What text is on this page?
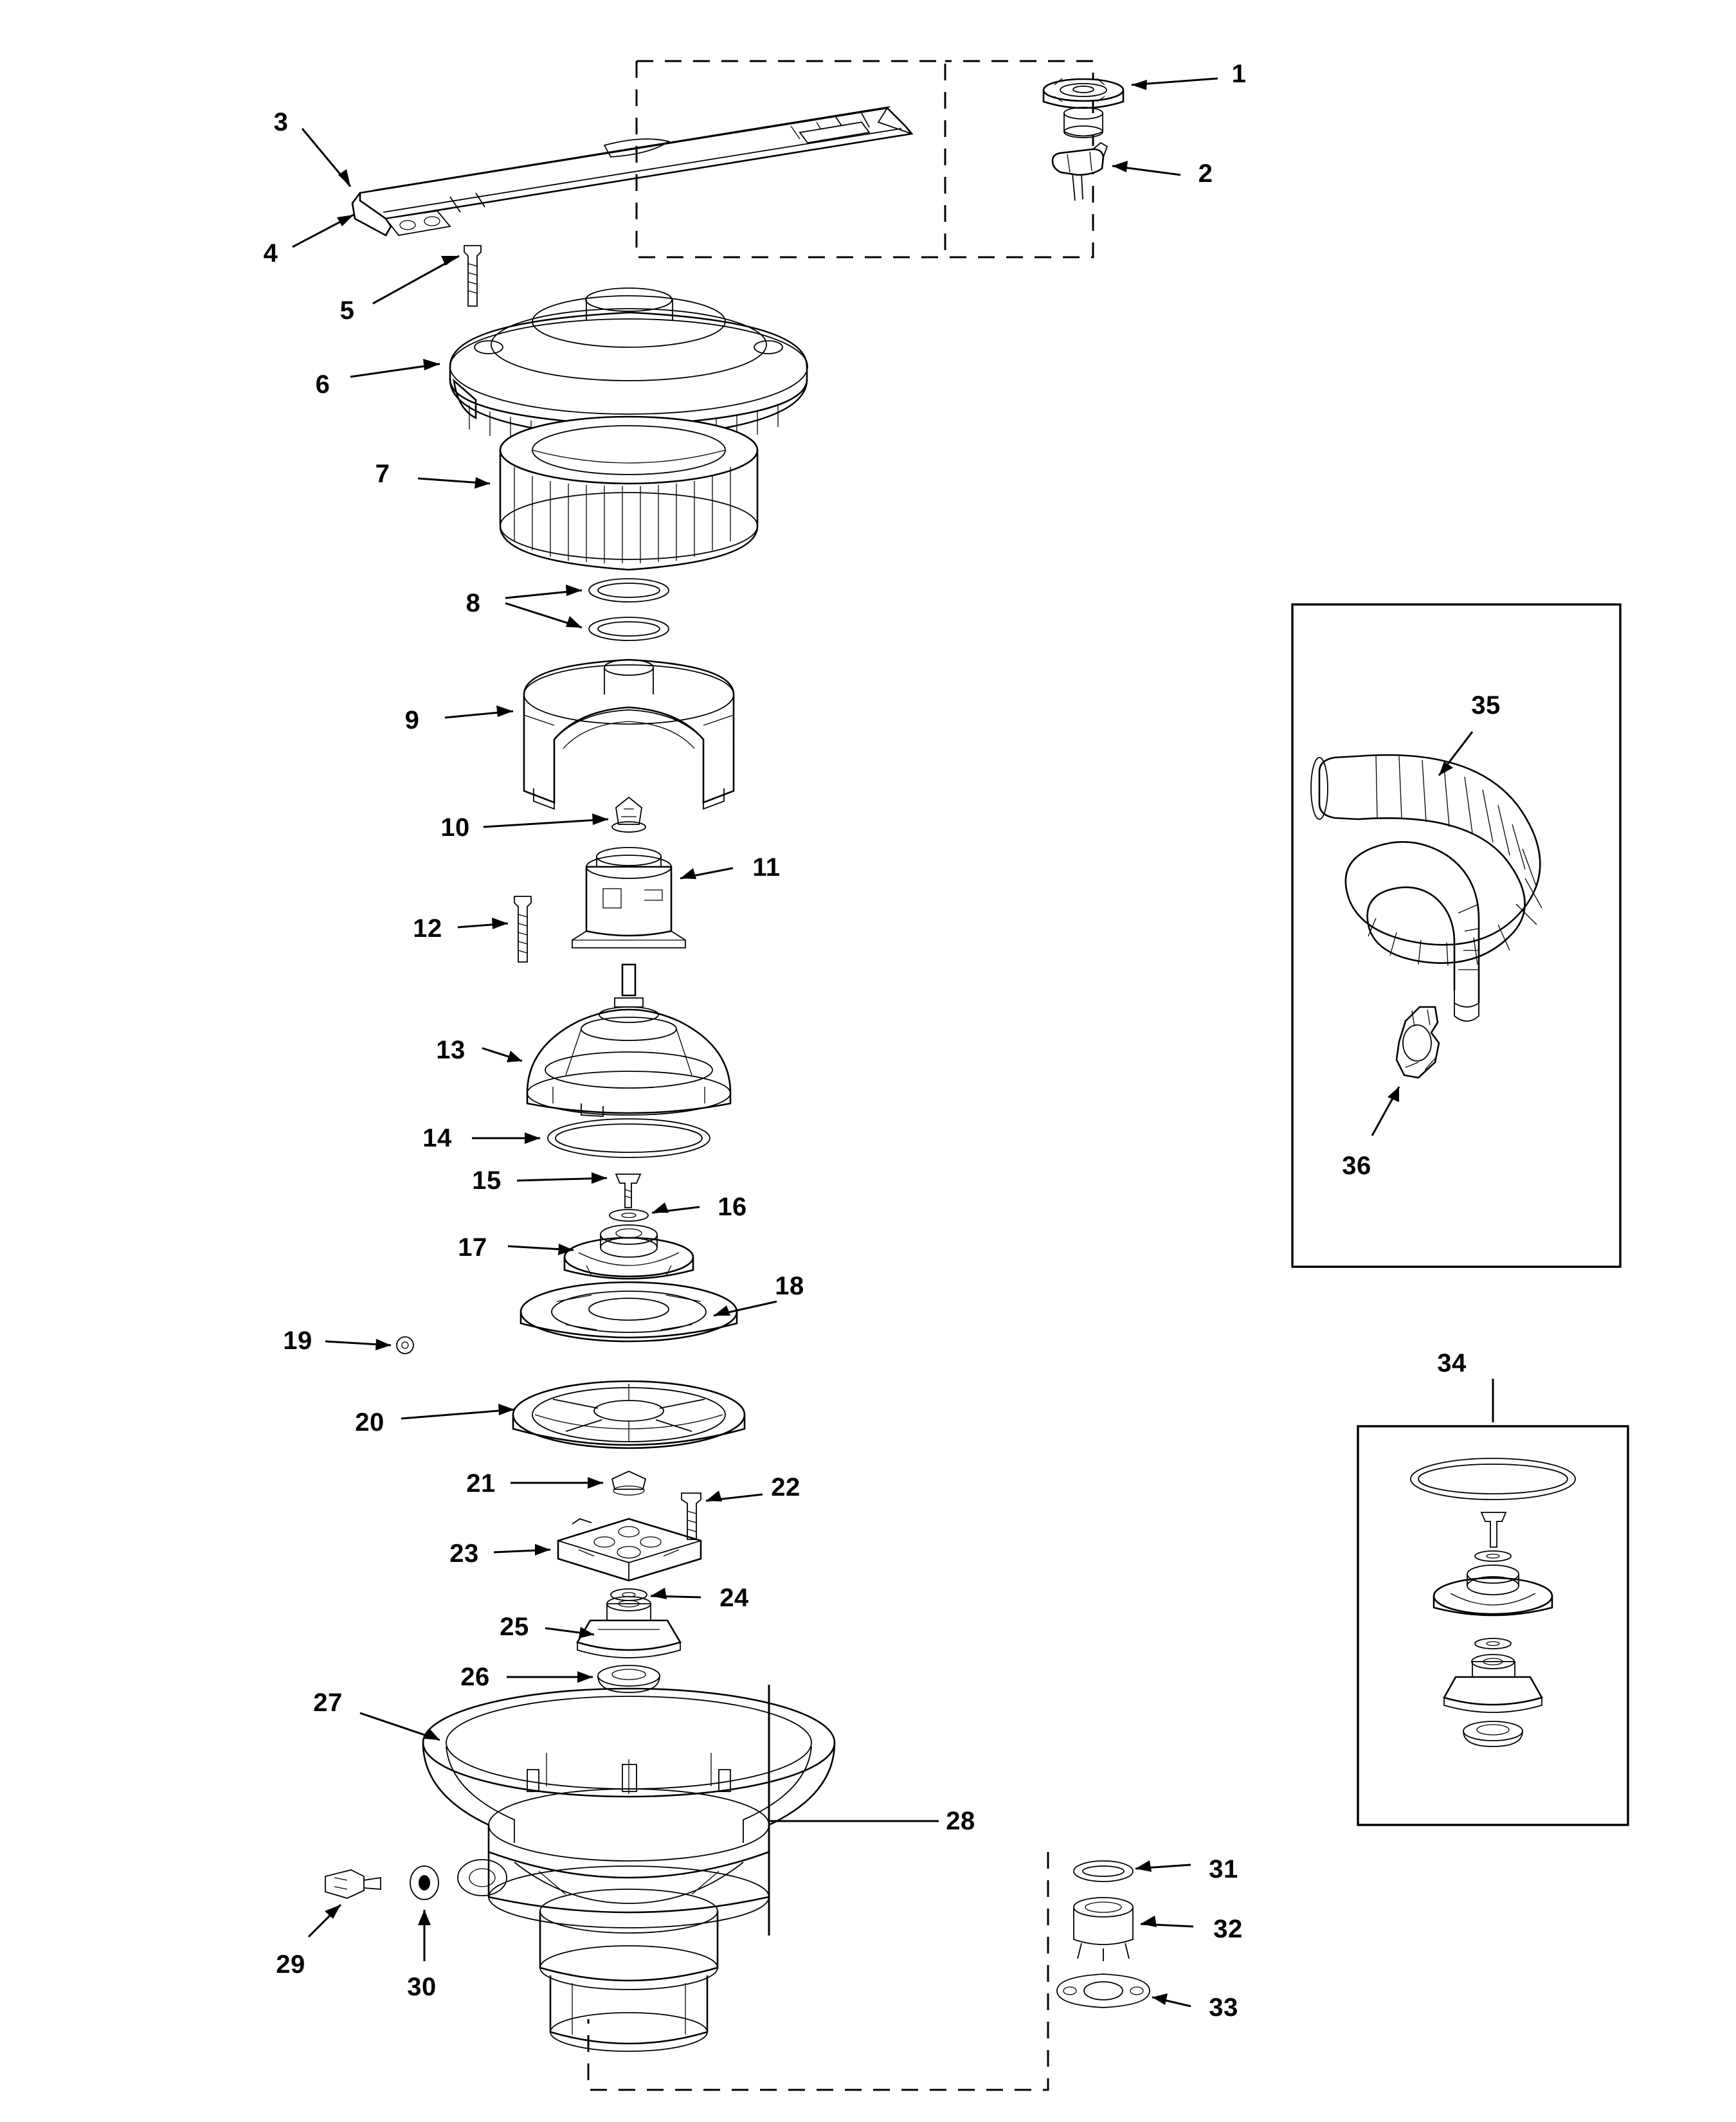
1
2
3
4
5
6
7
8
9
10
11
12
13
14
15
16
17
18
19
20
21	22
23
24
25
26
27
28
29
30
31
32
33
34
35
36
